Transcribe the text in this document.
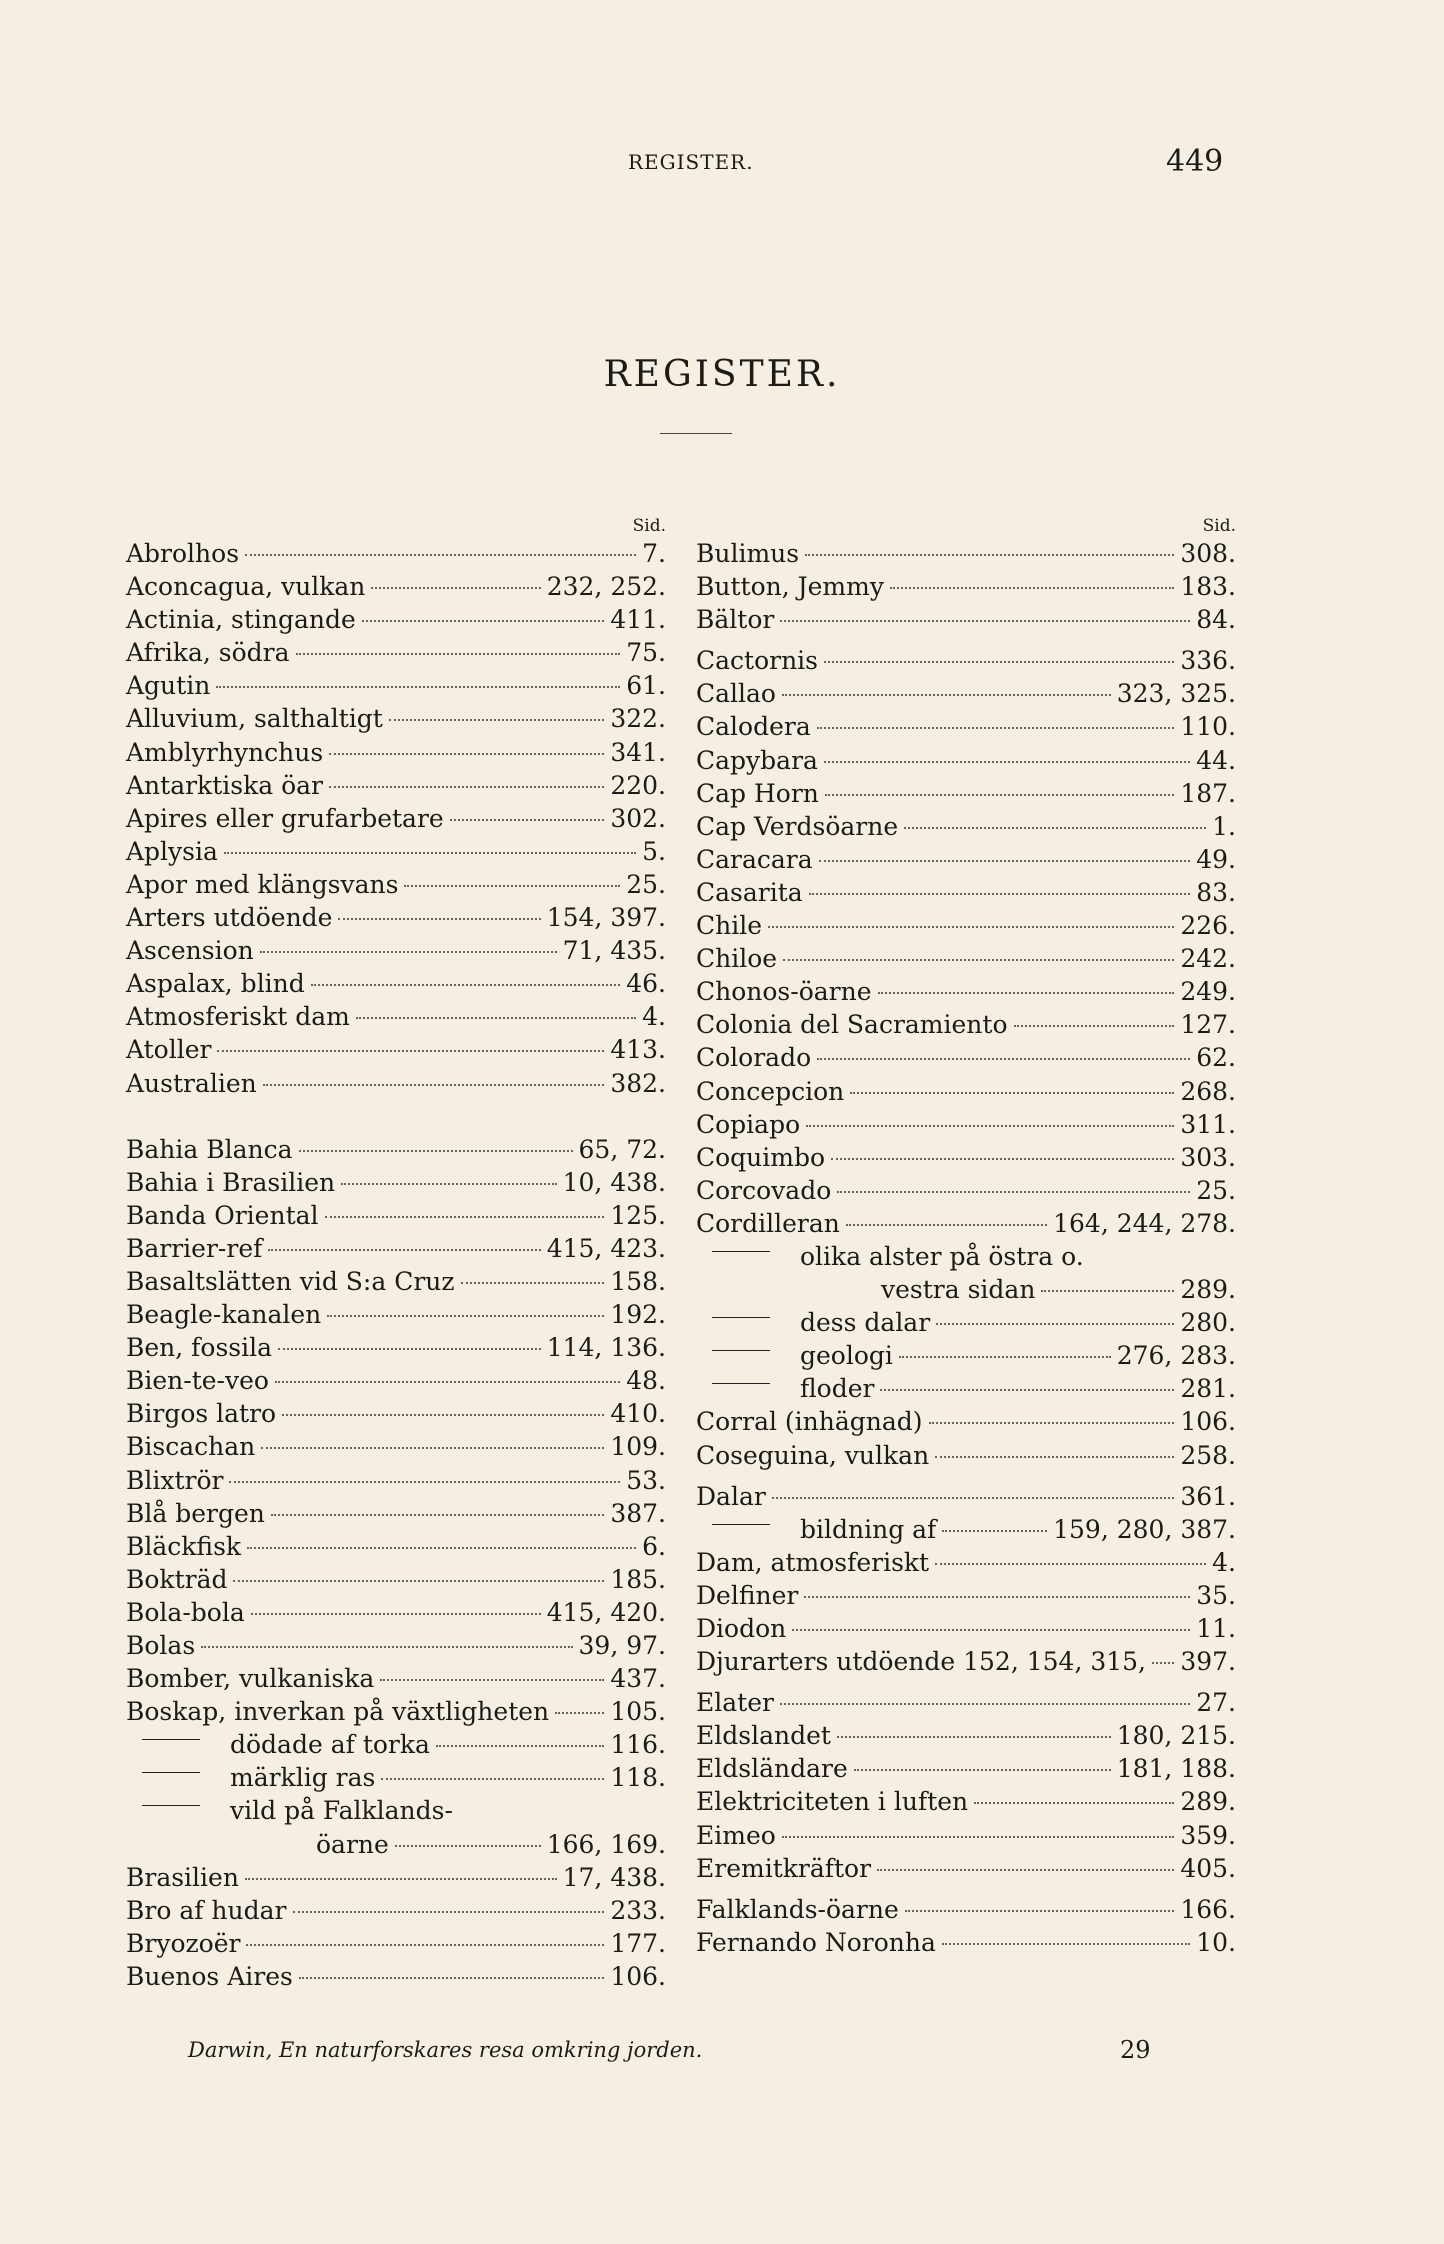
REGISTER.	449
REGISTER.
Sid.
Abrolhos	7.
Aconcagua, vulkan	232, 252.
Actinia, stingande	411.
Afrika, södra	75.
Agutin	61.
Alluvium, salthaltigt	322.
Amblyrhynchus	341.
Antarktiska öar	220.
Apires eller grufarbetare	302.
Aplysia	5.
Apor med klängsvans	25.
Arters utdöende	154, 397.
Ascension	71, 435.
Aspalax, blind	46.
Atmosferiskt dam	4.
Atoller	413.
Australien	382.
Bahia Blanca	65, 72.
Bahia i Brasilien	10, 438.
Banda Oriental	125.
Barrier-ref	415, 423.
Basaltslätten vid S:a Cruz	158.
Beagle-kanalen	192.
Ben, fossila	114, 136.
Bien-te-veo	48.
Birgos latro	410.
Biscachan	109.
Blixtrör	53.
Blå bergen	387.
Bläckfisk	6.
Bokträd	185.
Bola-bola	415, 420.
Bolas	39, 97.
Bomber, vulkaniska	437.
Boskap, inverkan på växtligheten 105.
dödade af torka	116.
märklig ras	118.
vild på Falklands-
öarne	166, 169.
Brasilien	17, 438.
Bro af hudar	233.
Bryozoër	177.
Buenos Aires	106.
Sid.
Bulimus	308.
Button, Jemmy	183.
Bältor	84.
Cactornis	336.
Callao	323, 325.
Calodera	110.
Capybara	44.
Cap Horn	187.
Cap Verdsöarne	1.
Caracara	49.
Casarita	83.
Chile	226.
Chiloe	242.
Chonos-öarne	249.
Colonia del Sacramiento	127.
Colorado	62.
Concepcion	268.
Copiapo	311.
Coquimbo	303.
Corcovado	25.
Cordilleran	164, 244, 278.
olika alster på östra o.
vestra sidan	289.
dess dalar	280.
geologi	276, 283.
floder	281.
Corral (inhägnad)	106.
Coseguina, vulkan	258.
Dalar	361.
bildning af	159, 280, 387.
Dam, atmosferiskt	4.
Delfiner	35.
Diodon	11.
Djurarters utdöende 152, 154, 315, 397.
Elater	27.
Eldslandet	180, 215.
Eldsländare	181, 188.
Elektriciteten i luften	289.
Eimeo	359.
Eremitkräftor	405.
Falklands-öarne	166.
Fernando Noronha	10.
Darwin, En naturforskares resa omkring jorden.	29
